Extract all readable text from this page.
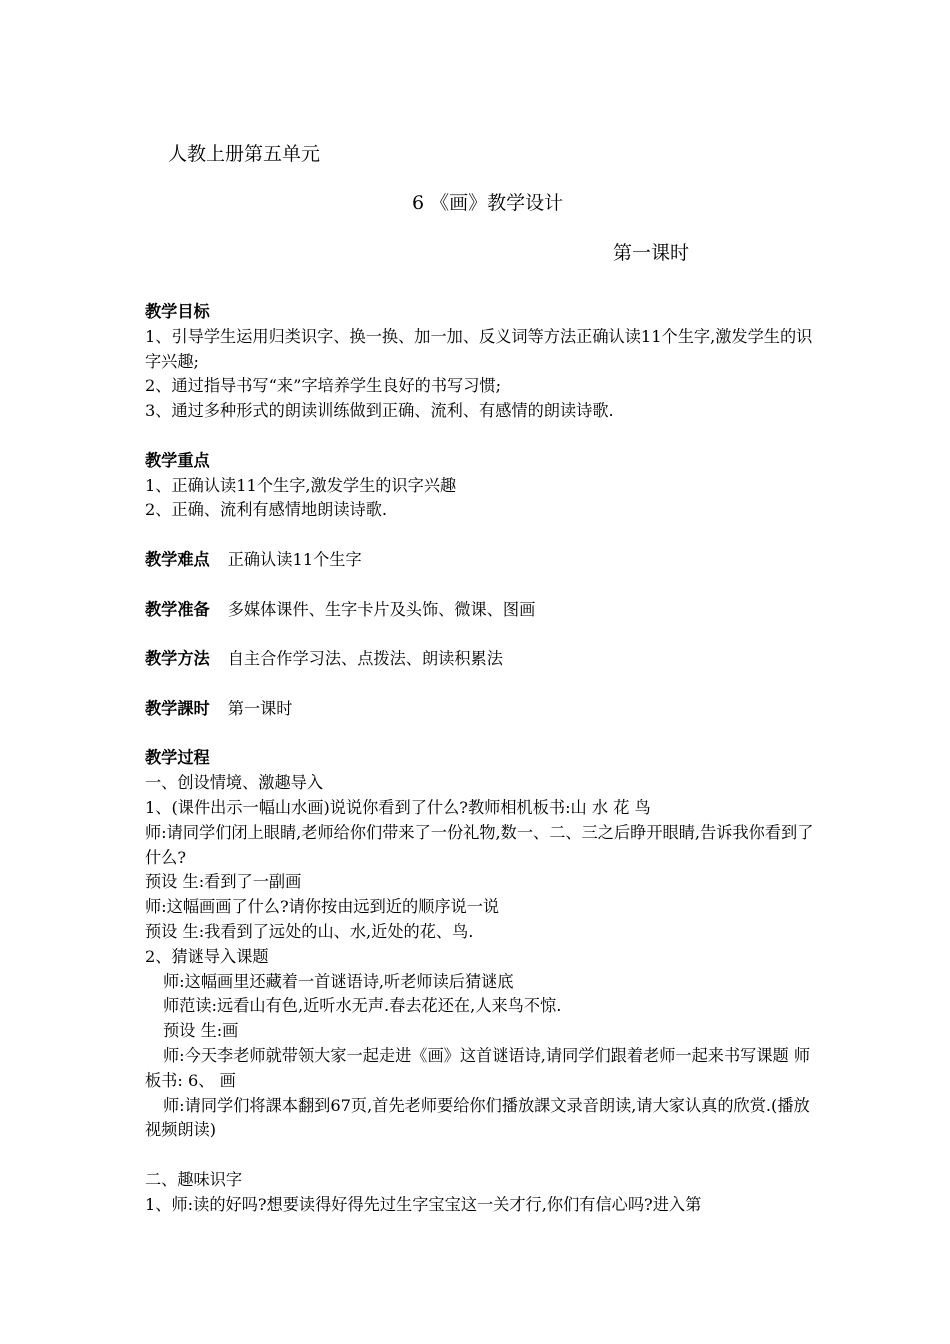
人教上册第五单元
6 《画》教学设计
第一课时

教学目标

1、引导学生运用归类识字、换一换、加一加、反义词等方法正确认读11个生字,激发学生的识字兴趣;

2、通过指导书写“来”字培养学生良好的书写习惯;

3、通过多种形式的朗读训练做到正确、流利、有感情的朗读诗歌.

教学重点

1、正确认读11个生字,激发学生的识字兴趣

2、正确、流利有感情地朗读诗歌.

教学难点 正确认读11个生字

教学准备 多媒体课件、生字卡片及头饰、微课、图画

教学方法 自主合作学习法、点拨法、朗读积累法

教学課时 第一课时

教学过程

一、创设情境、激趣导入

1、(课件出示一幅山水画)说说你看到了什么?教师相机板书:山 水 花 鸟

师:请同学们闭上眼睛,老师给你们带来了一份礼物,数一、二、三之后睁开眼睛,告诉我你看到了什么?

预设 生:看到了一副画

师:这幅画画了什么?请你按由远到近的顺序说一说

预设 生:我看到了远处的山、水,近处的花、鸟.

2、猜谜导入课题

师:这幅画里还藏着一首谜语诗,听老师读后猜谜底

师范读:远看山有色,近听水无声.春去花还在,人来鸟不惊.

预设 生:画

师:今天李老师就带领大家一起走进《画》这首谜语诗,请同学们跟着老师一起来书写课题 师板书: 6、 画

师:请同学们将課本翻到67页,首先老师要给你们播放課文录音朗读,请大家认真的欣赏.(播放视频朗读)

二、趣味识字

1、师:读的好吗?想要读得好得先过生字宝宝这一关才行,你们有信心吗?进入第
